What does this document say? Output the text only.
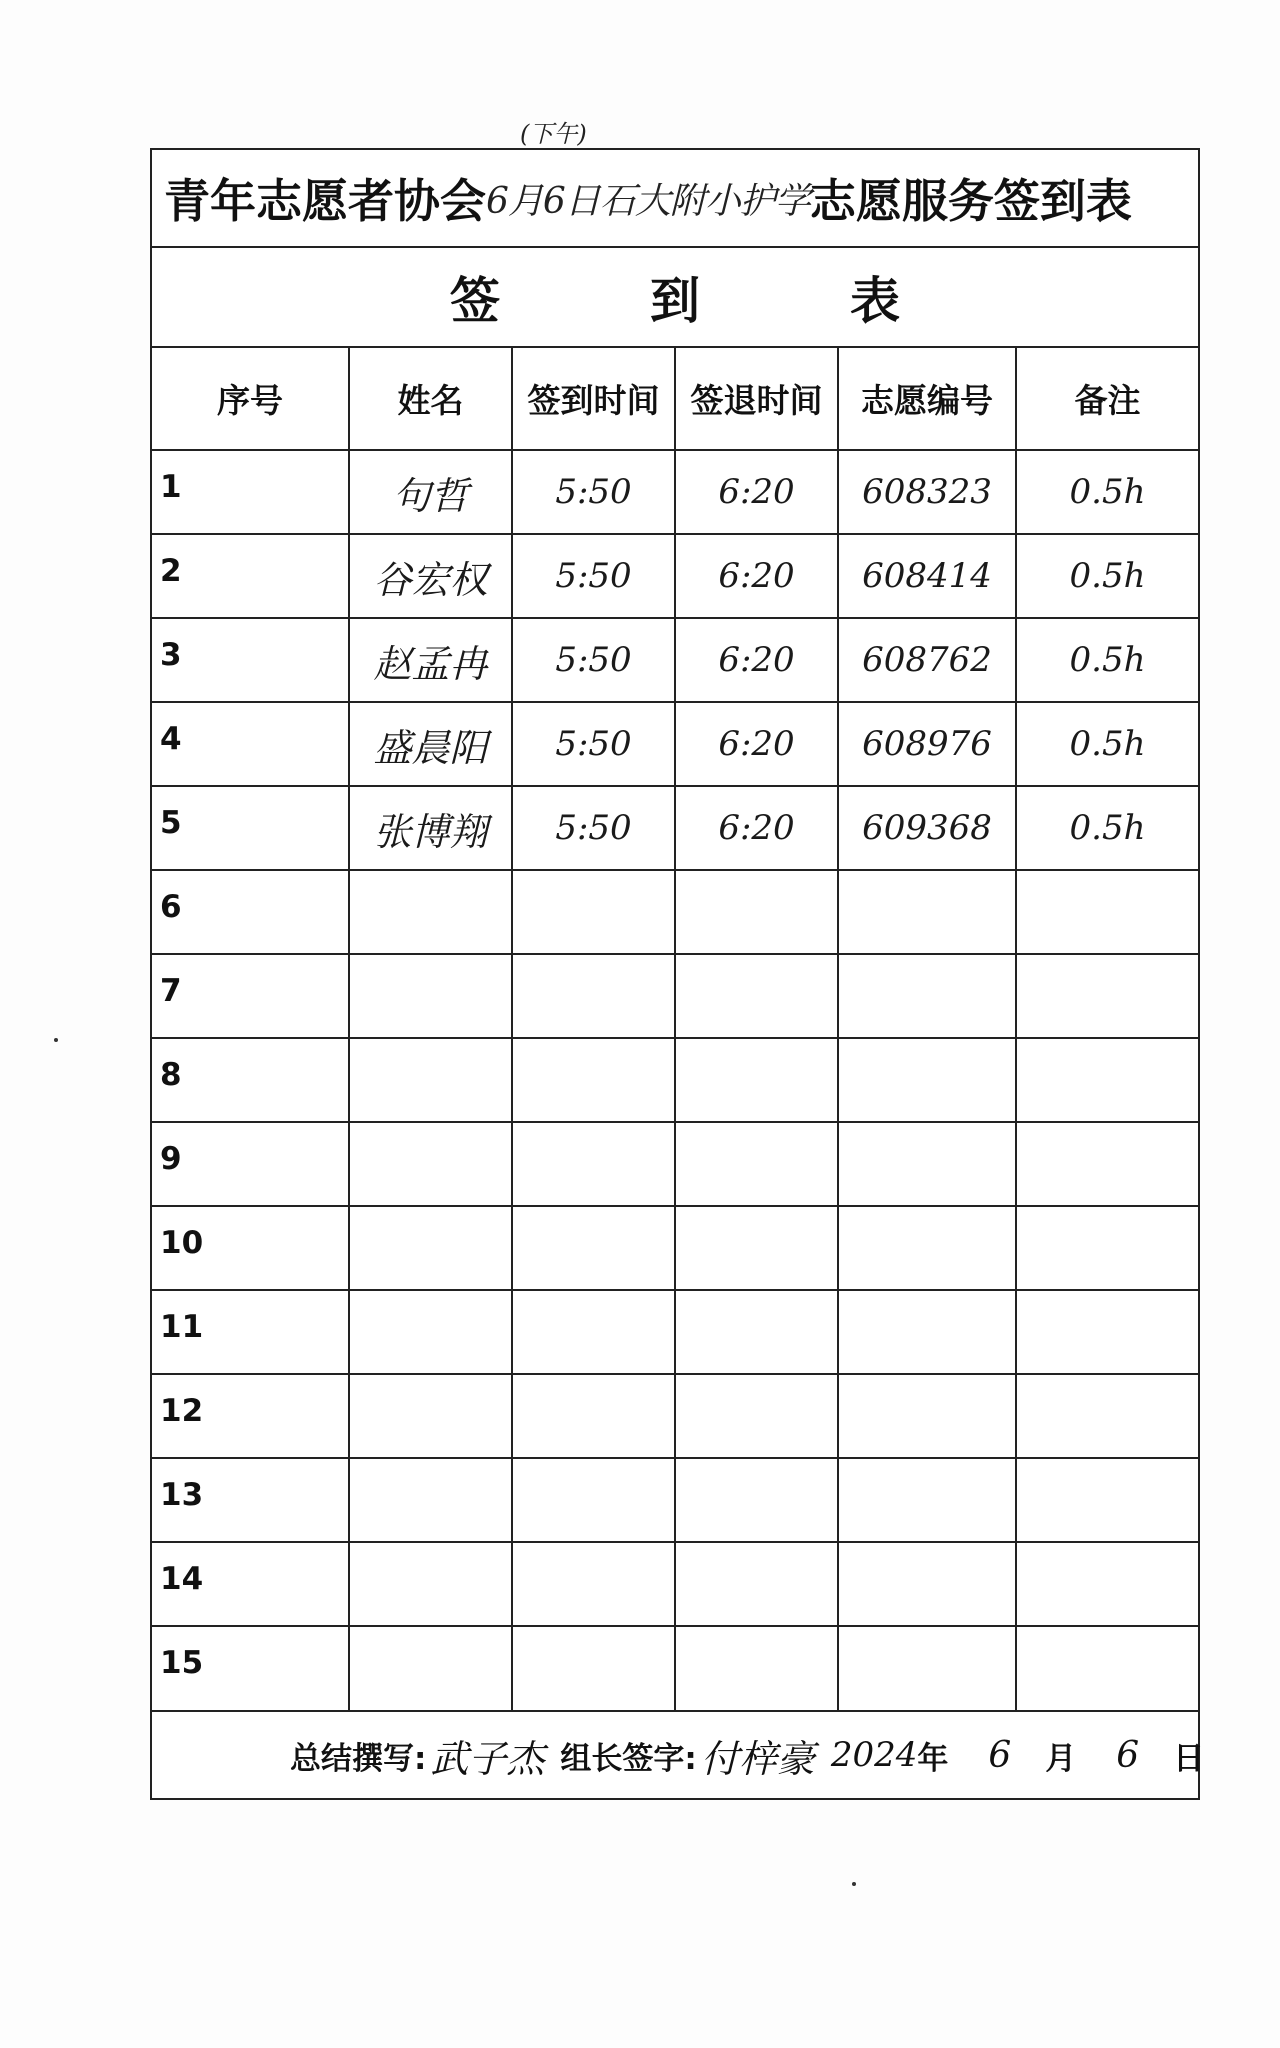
(下午)
青年志愿者协会 6月6日石大附小护学 志愿服务签到表
签到表
序号	姓名	签到时间	签退时间	志愿编号	备注
1	句哲	5:50	6:20	608323	0.5h
2	谷宏权	5:50	6:20	608414	0.5h
3	赵孟冉	5:50	6:20	608762	0.5h
4	盛晨阳	5:50	6:20	608976	0.5h
5	张博翔	5:50	6:20	609368	0.5h
6					
7					
8					
9					
10					
11					
12					
13					
14					
15					
总结撰写: 武子杰 组长签字: 付梓豪 2024 年 6 月 6 日
